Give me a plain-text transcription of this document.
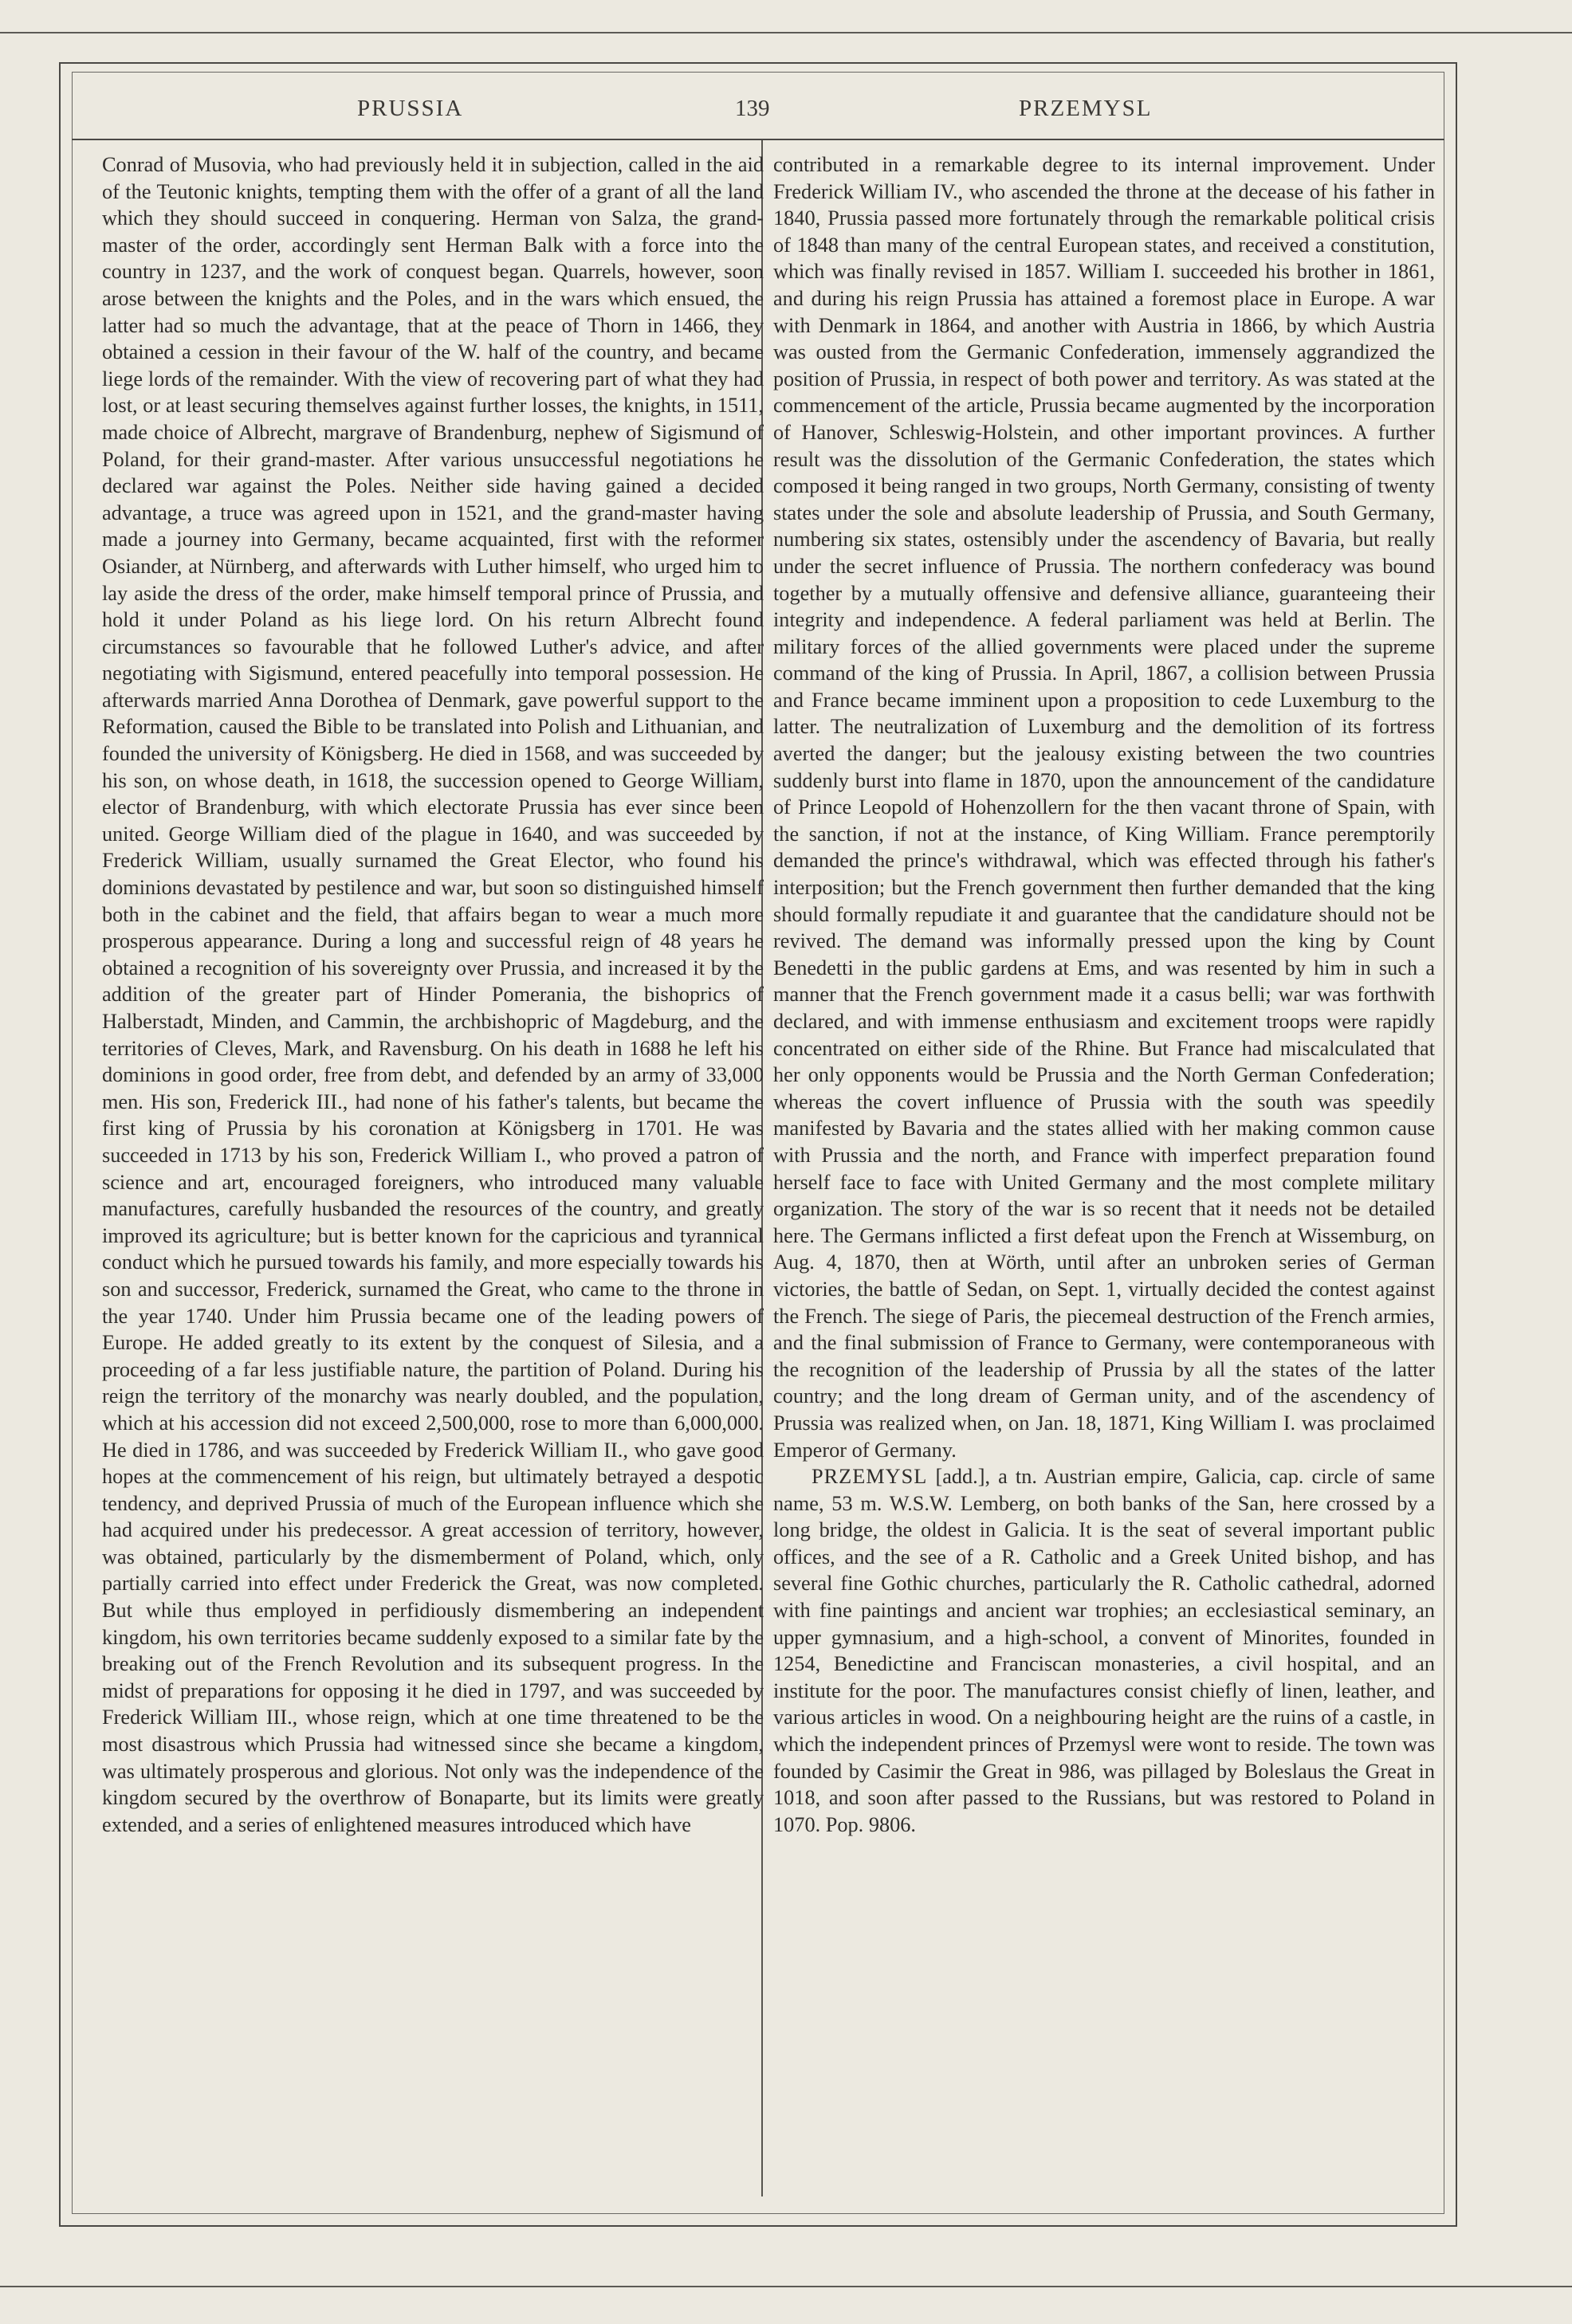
PRUSSIA	139	PRZEMYSL

Conrad of Musovia, who had previously held it in subjection, called in the aid of the Teutonic knights, tempting them with the offer of a grant of all the land which they should succeed in conquering. Herman von Salza, the grand-master of the order, accordingly sent Herman Balk with a force into the country in 1237, and the work of conquest began. Quarrels, however, soon arose between the knights and the Poles, and in the wars which ensued, the latter had so much the advantage, that at the peace of Thorn in 1466, they obtained a cession in their favour of the W. half of the country, and became liege lords of the remainder. With the view of recovering part of what they had lost, or at least securing themselves against further losses, the knights, in 1511, made choice of Albrecht, margrave of Brandenburg, nephew of Sigismund of Poland, for their grand-master. After various unsuccessful negotiations he declared war against the Poles. Neither side having gained a decided advantage, a truce was agreed upon in 1521, and the grand-master having made a journey into Germany, became acquainted, first with the reformer Osiander, at Nürnberg, and afterwards with Luther himself, who urged him to lay aside the dress of the order, make himself temporal prince of Prussia, and hold it under Poland as his liege lord. On his return Albrecht found circumstances so favourable that he followed Luther's advice, and after negotiating with Sigismund, entered peacefully into temporal possession. He afterwards married Anna Dorothea of Denmark, gave powerful support to the Reformation, caused the Bible to be translated into Polish and Lithuanian, and founded the university of Königsberg. He died in 1568, and was succeeded by his son, on whose death, in 1618, the succession opened to George William, elector of Brandenburg, with which electorate Prussia has ever since been united. George William died of the plague in 1640, and was succeeded by Frederick William, usually surnamed the Great Elector, who found his dominions devastated by pestilence and war, but soon so distinguished himself both in the cabinet and the field, that affairs began to wear a much more prosperous appearance. During a long and successful reign of 48 years he obtained a recognition of his sovereignty over Prussia, and increased it by the addition of the greater part of Hinder Pomerania, the bishoprics of Halberstadt, Minden, and Cammin, the archbishopric of Magdeburg, and the territories of Cleves, Mark, and Ravensburg. On his death in 1688 he left his dominions in good order, free from debt, and defended by an army of 33,000 men. His son, Frederick III., had none of his father's talents, but became the first king of Prussia by his coronation at Königsberg in 1701. He was succeeded in 1713 by his son, Frederick William I., who proved a patron of science and art, encouraged foreigners, who introduced many valuable manufactures, carefully husbanded the resources of the country, and greatly improved its agriculture; but is better known for the capricious and tyrannical conduct which he pursued towards his family, and more especially towards his son and successor, Frederick, surnamed the Great, who came to the throne in the year 1740. Under him Prussia became one of the leading powers of Europe. He added greatly to its extent by the conquest of Silesia, and a proceeding of a far less justifiable nature, the partition of Poland. During his reign the territory of the monarchy was nearly doubled, and the population, which at his accession did not exceed 2,500,000, rose to more than 6,000,000. He died in 1786, and was succeeded by Frederick William II., who gave good hopes at the commencement of his reign, but ultimately betrayed a despotic tendency, and deprived Prussia of much of the European influence which she had acquired under his predecessor. A great accession of territory, however, was obtained, particularly by the dismemberment of Poland, which, only partially carried into effect under Frederick the Great, was now completed. But while thus employed in perfidiously dismembering an independent kingdom, his own territories became suddenly exposed to a similar fate by the breaking out of the French Revolution and its subsequent progress. In the midst of preparations for opposing it he died in 1797, and was succeeded by Frederick William III., whose reign, which at one time threatened to be the most disastrous which Prussia had witnessed since she became a kingdom, was ultimately prosperous and glorious. Not only was the independence of the kingdom secured by the overthrow of Bonaparte, but its limits were greatly extended, and a series of enlightened measures introduced which have

contributed in a remarkable degree to its internal improvement. Under Frederick William IV., who ascended the throne at the decease of his father in 1840, Prussia passed more fortunately through the remarkable political crisis of 1848 than many of the central European states, and received a constitution, which was finally revised in 1857. William I. succeeded his brother in 1861, and during his reign Prussia has attained a foremost place in Europe. A war with Denmark in 1864, and another with Austria in 1866, by which Austria was ousted from the Germanic Confederation, immensely aggrandized the position of Prussia, in respect of both power and territory. As was stated at the commencement of the article, Prussia became augmented by the incorporation of Hanover, Schleswig-Holstein, and other important provinces. A further result was the dissolution of the Germanic Confederation, the states which composed it being ranged in two groups, North Germany, consisting of twenty states under the sole and absolute leadership of Prussia, and South Germany, numbering six states, ostensibly under the ascendency of Bavaria, but really under the secret influence of Prussia. The northern confederacy was bound together by a mutually offensive and defensive alliance, guaranteeing their integrity and independence. A federal parliament was held at Berlin. The military forces of the allied governments were placed under the supreme command of the king of Prussia. In April, 1867, a collision between Prussia and France became imminent upon a proposition to cede Luxemburg to the latter. The neutralization of Luxemburg and the demolition of its fortress averted the danger; but the jealousy existing between the two countries suddenly burst into flame in 1870, upon the announcement of the candidature of Prince Leopold of Hohenzollern for the then vacant throne of Spain, with the sanction, if not at the instance, of King William. France peremptorily demanded the prince's withdrawal, which was effected through his father's interposition; but the French government then further demanded that the king should formally repudiate it and guarantee that the candidature should not be revived. The demand was informally pressed upon the king by Count Benedetti in the public gardens at Ems, and was resented by him in such a manner that the French government made it a casus belli; war was forthwith declared, and with immense enthusiasm and excitement troops were rapidly concentrated on either side of the Rhine. But France had miscalculated that her only opponents would be Prussia and the North German Confederation; whereas the covert influence of Prussia with the south was speedily manifested by Bavaria and the states allied with her making common cause with Prussia and the north, and France with imperfect preparation found herself face to face with United Germany and the most complete military organization. The story of the war is so recent that it needs not be detailed here. The Germans inflicted a first defeat upon the French at Wissemburg, on Aug. 4, 1870, then at Wörth, until after an unbroken series of German victories, the battle of Sedan, on Sept. 1, virtually decided the contest against the French. The siege of Paris, the piecemeal destruction of the French armies, and the final submission of France to Germany, were contemporaneous with the recognition of the leadership of Prussia by all the states of the latter country; and the long dream of German unity, and of the ascendency of Prussia was realized when, on Jan. 18, 1871, King William I. was proclaimed Emperor of Germany.

PRZEMYSL [add.], a tn. Austrian empire, Galicia, cap. circle of same name, 53 m. W.S.W. Lemberg, on both banks of the San, here crossed by a long bridge, the oldest in Galicia. It is the seat of several important public offices, and the see of a R. Catholic and a Greek United bishop, and has several fine Gothic churches, particularly the R. Catholic cathedral, adorned with fine paintings and ancient war trophies; an ecclesiastical seminary, an upper gymnasium, and a high-school, a convent of Minorites, founded in 1254, Benedictine and Franciscan monasteries, a civil hospital, and an institute for the poor. The manufactures consist chiefly of linen, leather, and various articles in wood. On a neighbouring height are the ruins of a castle, in which the independent princes of Przemysl were wont to reside. The town was founded by Casimir the Great in 986, was pillaged by Boleslaus the Great in 1018, and soon after passed to the Russians, but was restored to Poland in 1070. Pop. 9806.
